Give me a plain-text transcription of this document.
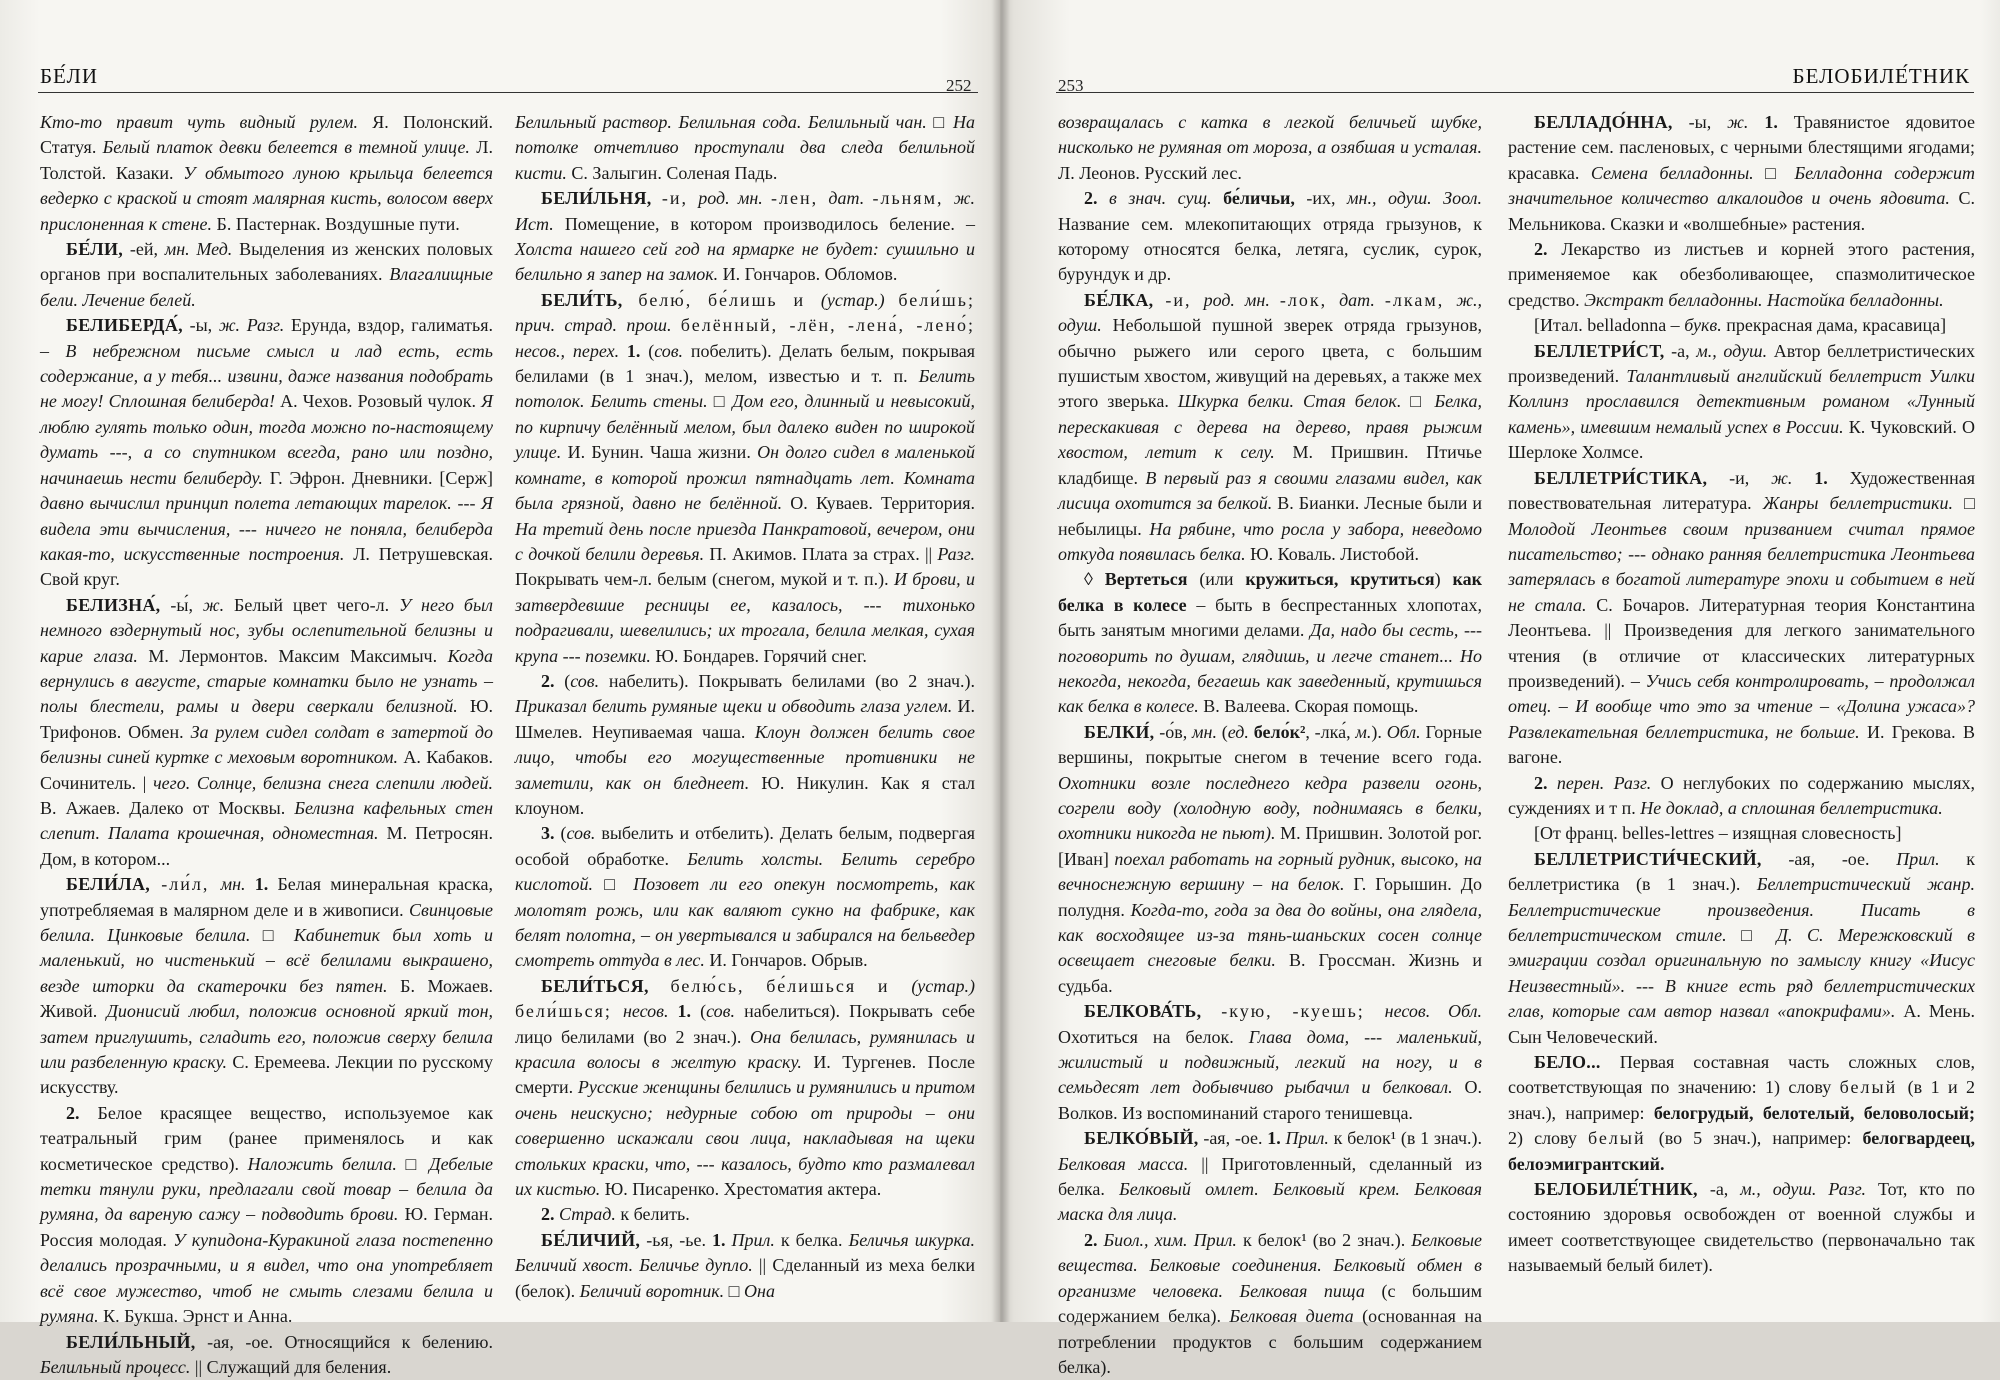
БЕ́ЛИ	252

Кто-то правит чуть видный рулем. Я. Полонский. Статуя. Белый платок девки белеется в темной улице. Л. Толстой. Казаки. У обмытого луною крыльца белеется ведерко с краской и стоят малярная кисть, волосом вверх прислоненная к стене. Б. Пастернак. Воздушные пути.

БЕ́ЛИ, -ей, мн. Мед. Выделения из женских половых органов при воспалительных заболеваниях. Влагалищные бели. Лечение белей.

БЕЛИБЕРДА́, -ы, ж. Разг. Ерунда, вздор, галиматья. – В небрежном письме смысл и лад есть, есть содержание, а у тебя... извини, даже названия подобрать не могу! Сплошная белиберда! А. Чехов. Розовый чулок. Я люблю гулять только один, тогда можно по-настоящему думать ---, а со спутником всегда, рано или поздно, начинаешь нести белиберду. Г. Эфрон. Дневники. [Серж] давно вычислил принцип полета летающих тарелок. --- Я видела эти вычисления, --- ничего не поняла, белиберда какая-то, искусственные построения. Л. Петрушевская. Свой круг.

БЕЛИЗНА́, -ы́, ж. Белый цвет чего-л. У него был немного вздернутый нос, зубы ослепительной белизны и карие глаза. М. Лермонтов. Максим Максимыч. Когда вернулись в августе, старые комнатки было не узнать – полы блестели, рамы и двери сверкали белизной. Ю. Трифонов. Обмен. За рулем сидел солдат в затертой до белизны синей куртке с меховым воротником. А. Кабаков. Сочинитель. | чего. Солнце, белизна снега слепили людей. В. Ажаев. Далеко от Москвы. Белизна кафельных стен слепит. Палата крошечная, одноместная. М. Петросян. Дом, в котором...

БЕЛИ́ЛА, -ли́л, мн. 1. Белая минеральная краска, употребляемая в малярном деле и в живописи. Свинцовые белила. Цинковые белила. □ Кабинетик был хоть и маленький, но чистенький – всё белилами выкрашено, везде шторки да скатерочки без пятен. Б. Можаев. Живой. Дионисий любил, положив основной яркий тон, затем приглушить, сгладить его, положив сверху белила или разбеленную краску. С. Еремеева. Лекции по русскому искусству.

2. Белое красящее вещество, используемое как театральный грим (ранее применялось и как косметическое средство). Наложить белила. □ Дебелые тетки тянули руки, предлагали свой товар – белила да румяна, да вареную сажу – подводить брови. Ю. Герман. Россия молодая. У купидона-Куракиной глаза постепенно делались прозрачными, и я видел, что она употребляет всё свое мужество, чтоб не смыть слезами белила и румяна. К. Букша. Эрнст и Анна.

БЕЛИ́ЛЬНЫЙ, -ая, -ое. Относящийся к белению. Белильный процесс. || Служащий для беления.

Белильный раствор. Белильная сода. Белильный чан. □ На потолке отчетливо проступали два следа белильной кисти. С. Залыгин. Соленая Падь.

БЕЛИ́ЛЬНЯ, -и, род. мн. -лен, дат. -льням, ж. Ист. Помещение, в котором производилось беление. – Холста нашего сей год на ярмарке не будет: сушильно и белильно я запер на замок. И. Гончаров. Обломов.

БЕЛИ́ТЬ, белю́, бе́лишь и (устар.) бели́шь; прич. страд. прош. белённый, -лён, -лена́, -лено́; несов., перех. 1. (сов. побелить). Делать белым, покрывая белилами (в 1 знач.), мелом, известью и т. п. Белить потолок. Белить стены. □ Дом его, длинный и невысокий, по кирпичу белённый мелом, был далеко виден по широкой улице. И. Бунин. Чаша жизни. Он долго сидел в маленькой комнате, в которой прожил пятнадцать лет. Комната была грязной, давно не белённой. О. Куваев. Территория. На третий день после приезда Панкратовой, вечером, они с дочкой белили деревья. П. Акимов. Плата за страх. || Разг. Покрывать чем-л. белым (снегом, мукой и т. п.). И брови, и затвердевшие ресницы ее, казалось, --- тихонько подрагивали, шевелились; их трогала, белила мелкая, сухая крупа --- поземки. Ю. Бондарев. Горячий снег.

2. (сов. набелить). Покрывать белилами (во 2 знач.). Приказал белить румяные щеки и обводить глаза углем. И. Шмелев. Неупиваемая чаша. Клоун должен белить свое лицо, чтобы его могущественные противники не заметили, как он бледнеет. Ю. Никулин. Как я стал клоуном.

3. (сов. выбелить и отбелить). Делать белым, подвергая особой обработке. Белить холсты. Белить серебро кислотой. □ Позовет ли его опекун посмотреть, как молотят рожь, или как валяют сукно на фабрике, как белят полотна, – он увертывался и забирался на бельведер смотреть оттуда в лес. И. Гончаров. Обрыв.

БЕЛИ́ТЬСЯ, белю́сь, бе́лишься и (устар.) бели́шься; несов. 1. (сов. набелиться). Покрывать себе лицо белилами (во 2 знач.). Она белилась, румянилась и красила волосы в желтую краску. И. Тургенев. После смерти. Русские женщины белились и румянились и притом очень неискусно; недурные собою от природы – они совершенно искажали свои лица, накладывая на щеки стольких краски, что, --- казалось, будто кто размалевал их кистью. Ю. Писаренко. Хрестоматия актера.

2. Страд. к белить.

БЕ́ЛИЧИЙ, -ья, -ье. 1. Прил. к белка. Беличья шкурка. Беличий хвост. Беличье дупло. || Сделанный из меха белки (белок). Беличий воротник. □ Она

253	БЕЛОБИЛЕ́ТНИК

возвращалась с катка в легкой беличьей шубке, нисколько не румяная от мороза, а озябшая и усталая. Л. Леонов. Русский лес.

2. в знач. сущ. бе́личьи, -их, мн., одуш. Зоол. Название сем. млекопитающих отряда грызунов, к которому относятся белка, летяга, суслик, сурок, бурундук и др.

БЕ́ЛКА, -и, род. мн. -лок, дат. -лкам, ж., одуш. Небольшой пушной зверек отряда грызунов, обычно рыжего или серого цвета, с большим пушистым хвостом, живущий на деревьях, а также мех этого зверька. Шкурка белки. Стая белок. □ Белка, перескакивая с дерева на дерево, правя рыжим хвостом, летит к селу. М. Пришвин. Птичье кладбище. В первый раз я своими глазами видел, как лисица охотится за белкой. В. Бианки. Лесные были и небылицы. На рябине, что росла у забора, неведомо откуда появилась белка. Ю. Коваль. Листобой.

◊ Вертеться (или кружиться, крутиться) как белка в колесе – быть в беспрестанных хлопотах, быть занятым многими делами. Да, надо бы сесть, --- поговорить по душам, глядишь, и легче станет... Но некогда, некогда, бегаешь как заведенный, крутишься как белка в колесе. В. Валеева. Скорая помощь.

БЕЛКИ́, -о́в, мн. (ед. бело́к², -лка́, м.). Обл. Горные вершины, покрытые снегом в течение всего года. Охотники возле последнего кедра развели огонь, согрели воду (холодную воду, поднимаясь в белки, охотники никогда не пьют). М. Пришвин. Золотой рог. [Иван] поехал работать на горный рудник, высоко, на вечноснежную вершину – на белок. Г. Горышин. До полудня. Когда-то, года за два до войны, она глядела, как восходящее из-за тянь-шаньских сосен солнце освещает снеговые белки. В. Гроссман. Жизнь и судьба.

БЕЛКОВА́ТЬ, -кую, -куешь; несов. Обл. Охотиться на белок. Глава дома, --- маленький, жилистый и подвижный, легкий на ногу, и в семьдесят лет добывчиво рыбачил и белковал. О. Волков. Из воспоминаний старого тенишевца.

БЕЛКО́ВЫЙ, -ая, -ое. 1. Прил. к белок¹ (в 1 знач.). Белковая масса. || Приготовленный, сделанный из белка. Белковый омлет. Белковый крем. Белковая маска для лица.

2. Биол., хим. Прил. к белок¹ (во 2 знач.). Белковые вещества. Белковые соединения. Белковый обмен в организме человека. Белковая пища (с большим содержанием белка). Белковая диета (основанная на потреблении продуктов с большим содержанием белка).

БЕЛЛАДО́ННА, -ы, ж. 1. Травянистое ядовитое растение сем. пасленовых, с черными блестящими ягодами; красавка. Семена белладонны. □ Белладонна содержит значительное количество алкалоидов и очень ядовита. С. Мельникова. Сказки и «волшебные» растения.

2. Лекарство из листьев и корней этого растения, применяемое как обезболивающее, спазмолитическое средство. Экстракт белладонны. Настойка белладонны.

[Итал. belladonna – букв. прекрасная дама, красавица]

БЕЛЛЕТРИ́СТ, -а, м., одуш. Автор беллетристических произведений. Талантливый английский беллетрист Уилки Коллинз прославился детективным романом «Лунный камень», имевшим немалый успех в России. К. Чуковский. О Шерлоке Холмсе.

БЕЛЛЕТРИ́СТИКА, -и, ж. 1. Художественная повествовательная литература. Жанры беллетристики. □ Молодой Леонтьев своим призванием считал прямое писательство; --- однако ранняя беллетристика Леонтьева затерялась в богатой литературе эпохи и событием в ней не стала. С. Бочаров. Литературная теория Константина Леонтьева. || Произведения для легкого занимательного чтения (в отличие от классических литературных произведений). – Учись себя контролировать, – продолжал отец. – И вообще что это за чтение – «Долина ужаса»? Развлекательная беллетристика, не больше. И. Грекова. В вагоне.

2. перен. Разг. О неглубоких по содержанию мыслях, суждениях и т п. Не доклад, а сплошная беллетристика.

[От франц. belles-lettres – изящная словесность]

БЕЛЛЕТРИСТИ́ЧЕСКИЙ, -ая, -ое. Прил. к беллетристика (в 1 знач.). Беллетристический жанр. Беллетристические произведения. Писать в беллетристическом стиле. □ Д. С. Мережковский в эмиграции создал оригинальную по замыслу книгу «Иисус Неизвестный». --- В книге есть ряд беллетристических глав, которые сам автор назвал «апокрифами». А. Мень. Сын Человеческий.

БЕЛО... Первая составная часть сложных слов, соответствующая по значению: 1) слову белый (в 1 и 2 знач.), например: белогрудый, белотелый, беловолосый; 2) слову белый (во 5 знач.), например: белогвардеец, белоэмигрантский.

БЕЛОБИЛЕ́ТНИК, -а, м., одуш. Разг. Тот, кто по состоянию здоровья освобожден от военной службы и имеет соответствующее свидетельство (первоначально так называемый белый билет).
